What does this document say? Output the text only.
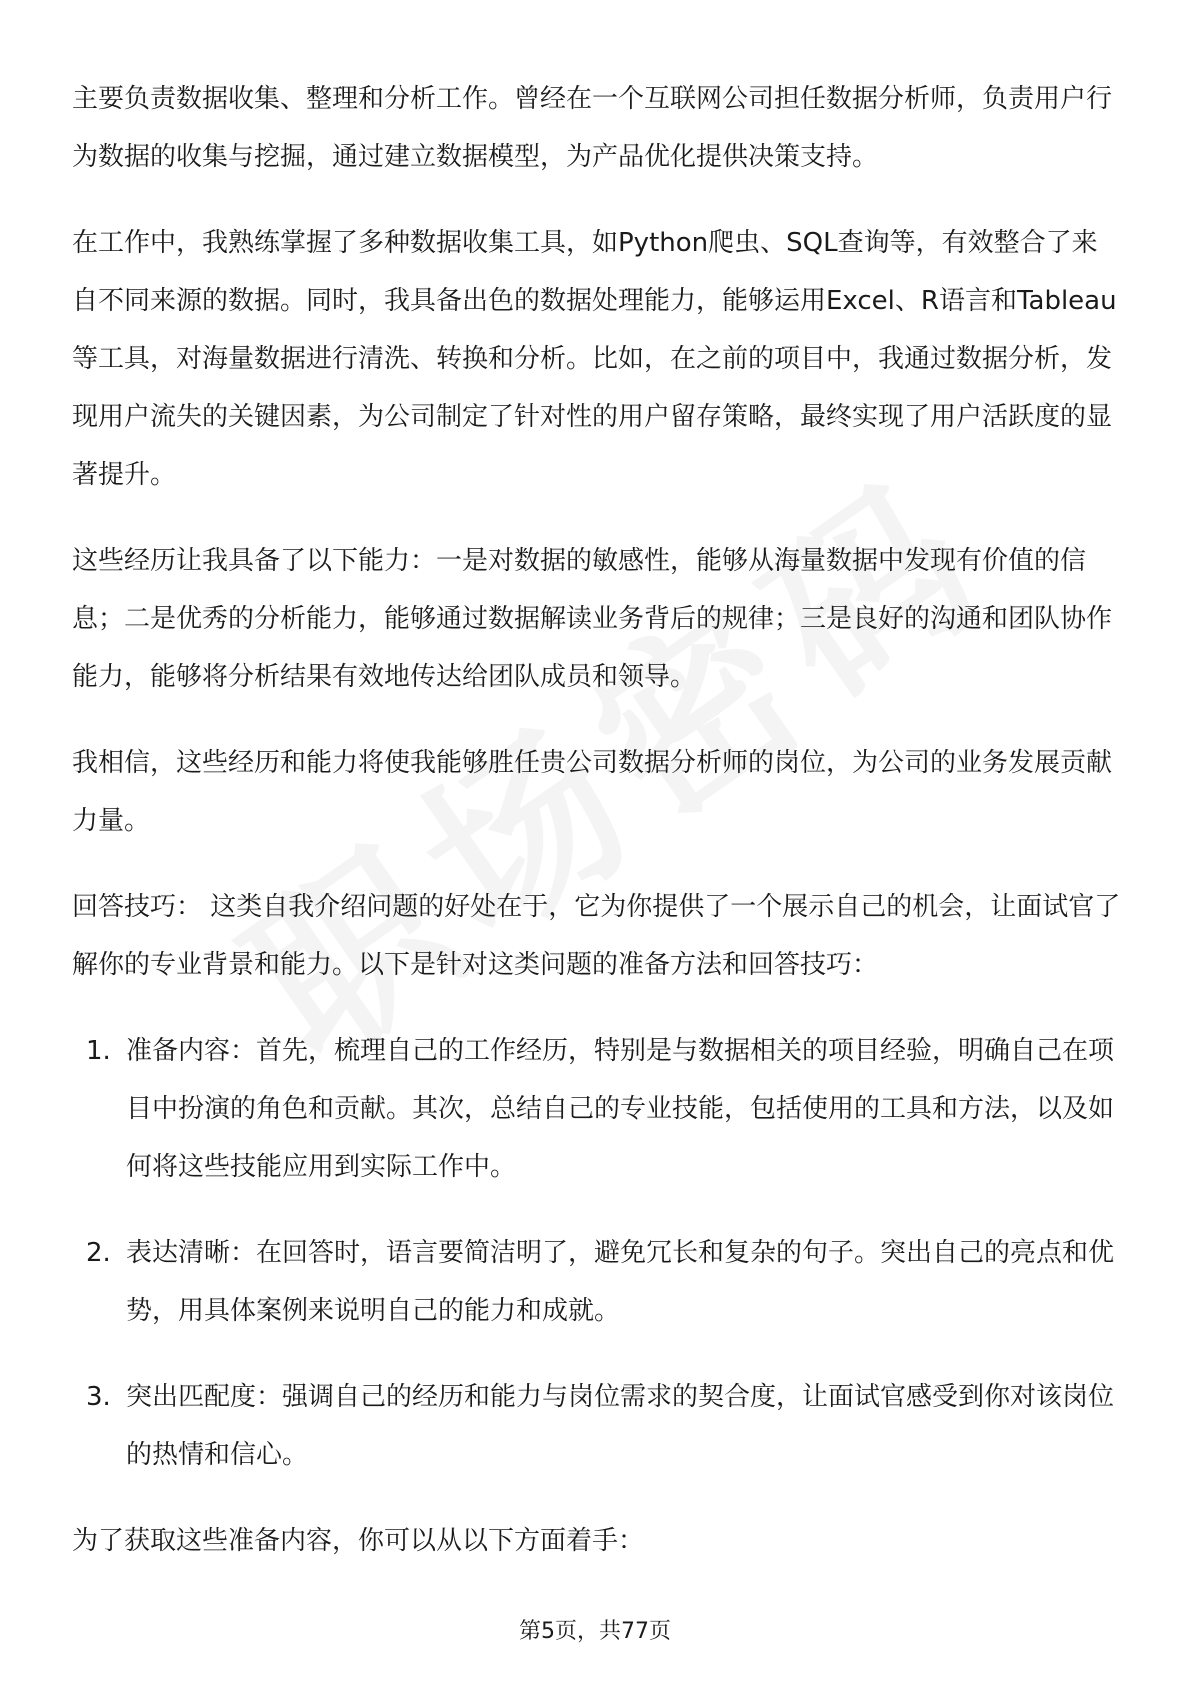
主要负责数据收集、整理和分析工作。曾经在一个互联网公司担任数据分析师，负责用户行为数据的收集与挖掘，通过建立数据模型，为产品优化提供决策支持。

在工作中，我熟练掌握了多种数据收集工具，如Python爬虫、SQL查询等，有效整合了来自不同来源的数据。同时，我具备出色的数据处理能力，能够运用Excel、R语言和Tableau等工具，对海量数据进行清洗、转换和分析。比如，在之前的项目中，我通过数据分析，发现用户流失的关键因素，为公司制定了针对性的用户留存策略，最终实现了用户活跃度的显著提升。

这些经历让我具备了以下能力：一是对数据的敏感性，能够从海量数据中发现有价值的信息；二是优秀的分析能力，能够通过数据解读业务背后的规律；三是良好的沟通和团队协作能力，能够将分析结果有效地传达给团队成员和领导。

我相信，这些经历和能力将使我能够胜任贵公司数据分析师的岗位，为公司的业务发展贡献力量。

回答技巧： 这类自我介绍问题的好处在于，它为你提供了一个展示自己的机会，让面试官了解你的专业背景和能力。以下是针对这类问题的准备方法和回答技巧：

1. 准备内容：首先，梳理自己的工作经历，特别是与数据相关的项目经验，明确自己在项目中扮演的角色和贡献。其次，总结自己的专业技能，包括使用的工具和方法，以及如何将这些技能应用到实际工作中。
2. 表达清晰：在回答时，语言要简洁明了，避免冗长和复杂的句子。突出自己的亮点和优势，用具体案例来说明自己的能力和成就。
3. 突出匹配度：强调自己的经历和能力与岗位需求的契合度，让面试官感受到你对该岗位的热情和信心。

为了获取这些准备内容，你可以从以下方面着手：

第5页，共77页
